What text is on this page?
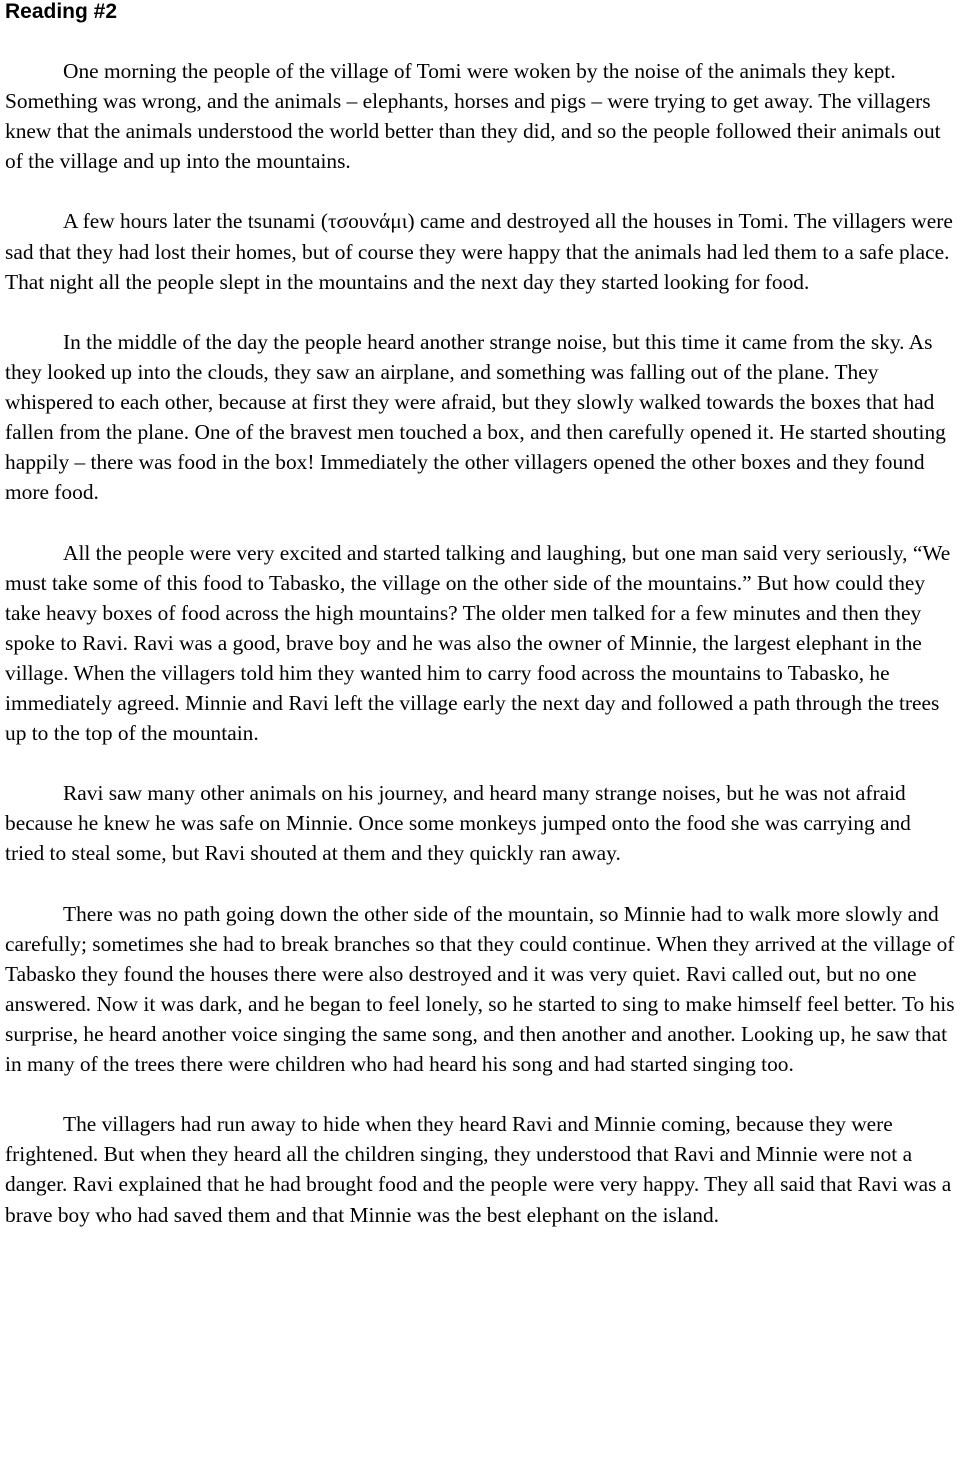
Reading #2

One morning the people of the village of Tomi were woken by the noise of the animals they kept. Something was wrong, and the animals – elephants, horses and pigs – were trying to get away. The villagers knew that the animals understood the world better than they did, and so the people followed their animals out of the village and up into the mountains.

A few hours later the tsunami (τσουνάμι) came and destroyed all the houses in Tomi. The villagers were sad that they had lost their homes, but of course they were happy that the animals had led them to a safe place. That night all the people slept in the mountains and the next day they started looking for food.

In the middle of the day the people heard another strange noise, but this time it came from the sky. As they looked up into the clouds, they saw an airplane, and something was falling out of the plane. They whispered to each other, because at first they were afraid, but they slowly walked towards the boxes that had fallen from the plane. One of the bravest men touched a box, and then carefully opened it. He started shouting happily – there was food in the box! Immediately the other villagers opened the other boxes and they found more food.

All the people were very excited and started talking and laughing, but one man said very seriously, “We must take some of this food to Tabasko, the village on the other side of the mountains.” But how could they take heavy boxes of food across the high mountains? The older men talked for a few minutes and then they spoke to Ravi. Ravi was a good, brave boy and he was also the owner of Minnie, the largest elephant in the village. When the villagers told him they wanted him to carry food across the mountains to Tabasko, he immediately agreed. Minnie and Ravi left the village early the next day and followed a path through the trees up to the top of the mountain.

Ravi saw many other animals on his journey, and heard many strange noises, but he was not afraid because he knew he was safe on Minnie. Once some monkeys jumped onto the food she was carrying and tried to steal some, but Ravi shouted at them and they quickly ran away.

There was no path going down the other side of the mountain, so Minnie had to walk more slowly and carefully; sometimes she had to break branches so that they could continue. When they arrived at the village of Tabasko they found the houses there were also destroyed and it was very quiet. Ravi called out, but no one answered. Now it was dark, and he began to feel lonely, so he started to sing to make himself feel better. To his surprise, he heard another voice singing the same song, and then another and another. Looking up, he saw that in many of the trees there were children who had heard his song and had started singing too.

The villagers had run away to hide when they heard Ravi and Minnie coming, because they were frightened. But when they heard all the children singing, they understood that Ravi and Minnie were not a danger. Ravi explained that he had brought food and the people were very happy. They all said that Ravi was a brave boy who had saved them and that Minnie was the best elephant on the island.
